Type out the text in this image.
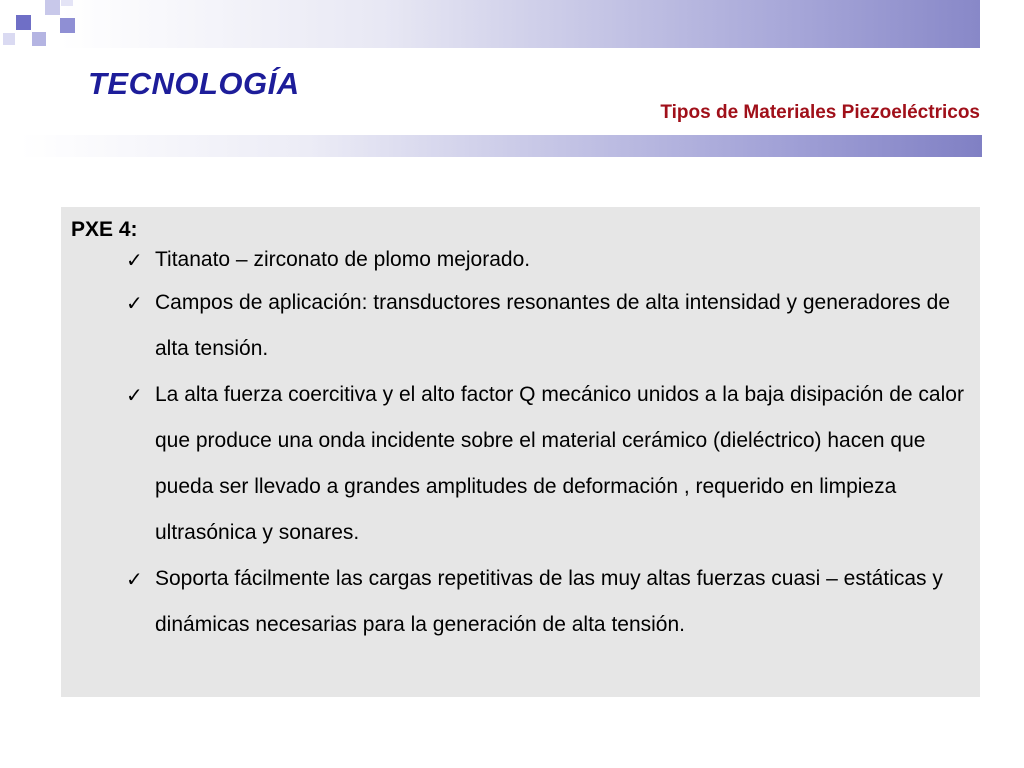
TECNOLOGÍA

Tipos de Materiales Piezoeléctricos

PXE 4:

✓ Titanato – zirconato de plomo mejorado.
✓ Campos de aplicación: transductores resonantes de alta intensidad y generadores de alta tensión.
✓ La alta fuerza coercitiva y el alto factor Q mecánico unidos a la baja disipación de calor que produce una onda incidente sobre el material cerámico (dieléctrico) hacen que pueda ser llevado a grandes amplitudes de deformación , requerido en limpieza ultrasónica y sonares.
✓ Soporta fácilmente las cargas repetitivas de las muy altas fuerzas cuasi – estáticas y dinámicas necesarias para la generación de alta tensión.
